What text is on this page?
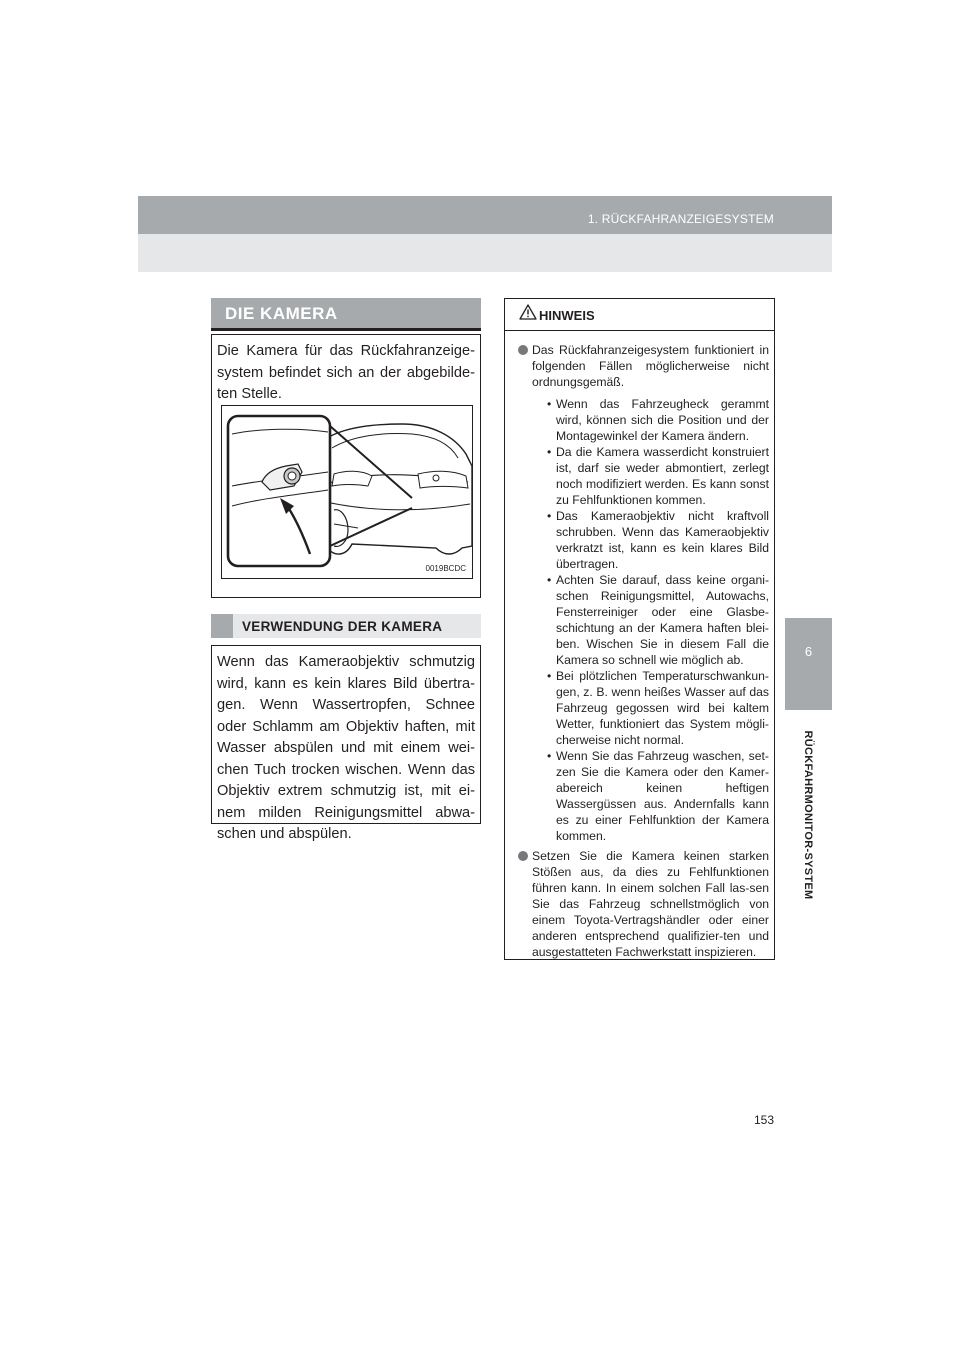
1. RÜCKFAHRANZEIGESYSTEM
6
RÜCKFAHRMONITOR-SYSTEM
DIE KAMERA
Die Kamera für das Rückfahranzeige-system befindet sich an der abgebilde-ten Stelle.
0019BCDC
VERWENDUNG DER KAMERA
Wenn das Kameraobjektiv schmutzig wird, kann es kein klares Bild übertra-gen. Wenn Wassertropfen, Schnee oder Schlamm am Objektiv haften, mit Wasser abspülen und mit einem wei-chen Tuch trocken wischen. Wenn das Objektiv extrem schmutzig ist, mit ei-nem milden Reinigungsmittel abwa-schen und abspülen.
HINWEIS
Das Rückfahranzeigesystem funktioniert in folgenden Fällen möglicherweise nicht ordnungsgemäß.
• Wenn das Fahrzeugheck gerammt wird, können sich die Position und der Montagewinkel der Kamera ändern.
• Da die Kamera wasserdicht konstruiert ist, darf sie weder abmontiert, zerlegt noch modifiziert werden. Es kann sonst zu Fehlfunktionen kommen.
• Das Kameraobjektiv nicht kraftvoll schrubben. Wenn das Kameraobjektiv verkratzt ist, kann es kein klares Bild übertragen.
• Achten Sie darauf, dass keine organi-schen Reinigungsmittel, Autowachs, Fensterreiniger oder eine Glasbe-schichtung an der Kamera haften blei-ben. Wischen Sie in diesem Fall die Kamera so schnell wie möglich ab.
• Bei plötzlichen Temperaturschwankun-gen, z. B. wenn heißes Wasser auf das Fahrzeug gegossen wird bei kaltem Wetter, funktioniert das System mögli-cherweise nicht normal.
• Wenn Sie das Fahrzeug waschen, set-zen Sie die Kamera oder den Kamer-abereich keinen heftigen Wassergüssen aus. Andernfalls kann es zu einer Fehlfunktion der Kamera kommen.
Setzen Sie die Kamera keinen starken Stößen aus, da dies zu Fehlfunktionen führen kann. In einem solchen Fall las-sen Sie das Fahrzeug schnellstmöglich von einem Toyota-Vertragshändler oder einer anderen entsprechend qualifizier-ten und ausgestatteten Fachwerkstatt inspizieren.
153
